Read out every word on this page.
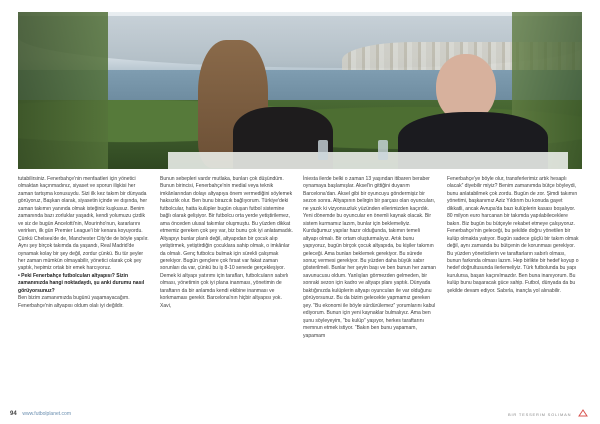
tutabilirsiniz. Fenerbahçe'nin menfaatleri için yönetici olmaktan kaçınmadınız, siyaset ve sporun ilişkisi her zaman tartışma konusuydu. Sizi ilk kez takım bir dünyada görüyoruz, Başkan olarak, siyasetin içinde ve dışında, her zaman takımın yanında olmak isteğiniz kuşkusuz. Benim zamanında bazı zorluklar yaşadık, kendi yolumuzu çizdik ve siz de bugün Ancelotti'nin, Mourinho'nun, kararlarını verirken, ilk gün Premier League'i bir kenara koyuyordu. Çünkü Chelsea'de de, Manchester City'de de böyle yapılır. Aynı şey birçok takımda da yaşandı, Real Madrid'de oynamak kolay bir şey değil, zordur çünkü. Bu tür şeyler her zaman mümkün olmayabilir, yönetici olarak çok şey yaptık, hepimiz ortak bir emek harcıyoruz.

• Peki Fenerbahçe futbolcuları altyapısı? Sizin zamanınızda hangi noktadaydı, şu anki durumu nasıl görüyorsunuz?

Ben bizim zamanımızda bugünü yaşamayacağım. Fenerbahçe'nin altyapısı oldum olalı iyi değildir.

Bunun sebepleri vardır mutlaka, bunları çok düşündüm. Bunun birincisi, Fenerbahçe'nin medial veya teknik imkânlarından dolayı altyapıya önem vermediğini söylemek haksızlık olur. Ben bunu birazcık bağlıyorum. Türkiye'deki futbolcular, hatta kulüpler bugün oluşan futbol sistemine bağlı olarak gelişiyor. Bir futbolcu orta yerde yetiştirilemez, ama önceden ulusal takımlar oluşmuştu. Bu yüzden dikkat etmemiz gereken çok şey var, biz bunu çok iyi anlatamadık. Altyapıyı bunlar planlı değil, altyapıdan bir çocuk alıp yetiştirmek, yetiştirdiğin çocuklara sahip olmak, o imkânlar da olmalı. Genç futbolcu bulmak için sürekli çalışmak gerekiyor. Bugün gençlere çok fırsat var fakat zaman sorunları da var, çünkü bu iş 8-10 senede gerçekleşiyor. Demek ki altyapı yatırımı için tarafları, futbolcuların sabırlı olması, yönetimin çok iyi plana inanması, yönetimin de taraftarın da bir anlamda kendi ekibine inanması ve korkmaması gerekir. Barcelona'nın hiçbir altyapısı yok. Xavi,

İniesta ilerde belki o zaman 13 yaşından itibaren beraber oynamaya başlamışlar. Aksel'in gittiğini duyarım Barcelona'dan. Aksel gibi bir oyuncuyu göndermişiz bir sezon sonra. Altyapının belirgin bir parçası olan oyuncuları, ne yazık ki vizyonsuzluk yüzünden ellerimizden kaçırdık. Yeni dönemde bu oyuncular en önemli kaynak olacak. Bir sistem kurmamız lazım, bunlar için beklemeliyiz. Kurduğumuz yapılar hazır olduğunda, takımın temeli altyapı olmalı. Bir ortam oluşturmalıyız. Artık bunu yapıyoruz, bugün birçok çocuk altyapıda, bu kişiler takımın geleceği. Ama bunları beklemek gerekiyor. Bu sürede sonuç vermesi gerekiyor. Bu yüzden daha büyük sabır gösterilmeli. Bunlar her şeyin başı ve ben bunun her zaman savunucusu oldum. Yanlışları görmezden gelmeden, bir sonraki sezon için kadro ve altyapı planı yaptık. Dünyada baktığınızda kulüplerin altyapı oyuncuları ile var olduğunu görüyorsunuz. Bu da bizim gelecekte yapmamız gereken şey. “Bu ekonomi ile böyle sürdürülemez” yorumlarını kabul ediyorum. Bunun için yeni kaynaklar bulmalıyız. Ama ben şunu söyleyeyim, “bu kulüp” yaşıyor, herkes taraftarını memnun etmek istiyor. “Bakın ben bunu yapamam, yapamam

Fenerbahçe'ye böyle olur, transferlerimiz artık hesaplı olacak” diyebilir miyiz? Benim zamanımda bütçe böyleydi, bunu anlatabilmek çok zordu. Bugün de zor. Şimdi takımın yönetimi, başkanımız Aziz Yıldırım bu konuda gayet dikkatli, ancak Avrupa'da bazı kulüplerin kasası boşalıyor. 80 milyon euro harcanan bir takımda yapılabileceklere bakın. Biz bugün bu bütçeyle rekabet etmeye çalışıyoruz. Fenerbahçe'nin geleceği, bu şekilde doğru yönetilen bir kulüp olmakta yatıyor. Bugün sadece güçlü bir takım olmak değil, aynı zamanda bu bütçenin de korunması gerekiyor. Bu yüzden yöneticilerin ve taraftarların sabırlı olması, bunun farkında olması lazım. Hep birlikte bir hedef koyup o hedef doğrultusunda ilerlemeliyiz. Türk futbolunda bu yapı kurulursa, başarı kaçınılmazdır. Ben buna inanıyorum. Bu kulüp bunu başaracak güce sahip. Futbol, dünyada da bu şekilde devam ediyor. Sabırla, inançla yol alınabilir.

94 www.futbolplanet.com	BIR TESSERIM SOLIMAN
